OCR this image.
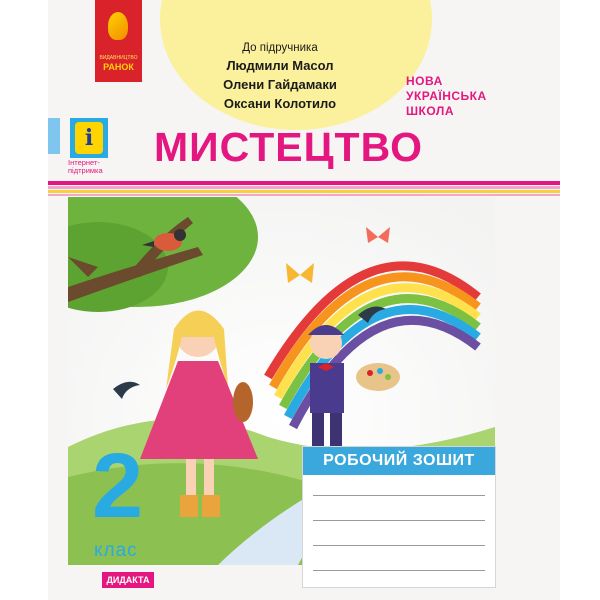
ВИДАВНИЦТВО
РАНОК
До підручника
Людмили Масол
Олени Гайдамаки
Оксани Колотило
НОВА
УКРАЇНСЬКА
ШКОЛА
i
Інтернет-
підтримка
МИСТЕЦТВО
2
клас
РОБОЧИЙ ЗОШИТ
ДИДАКТА
